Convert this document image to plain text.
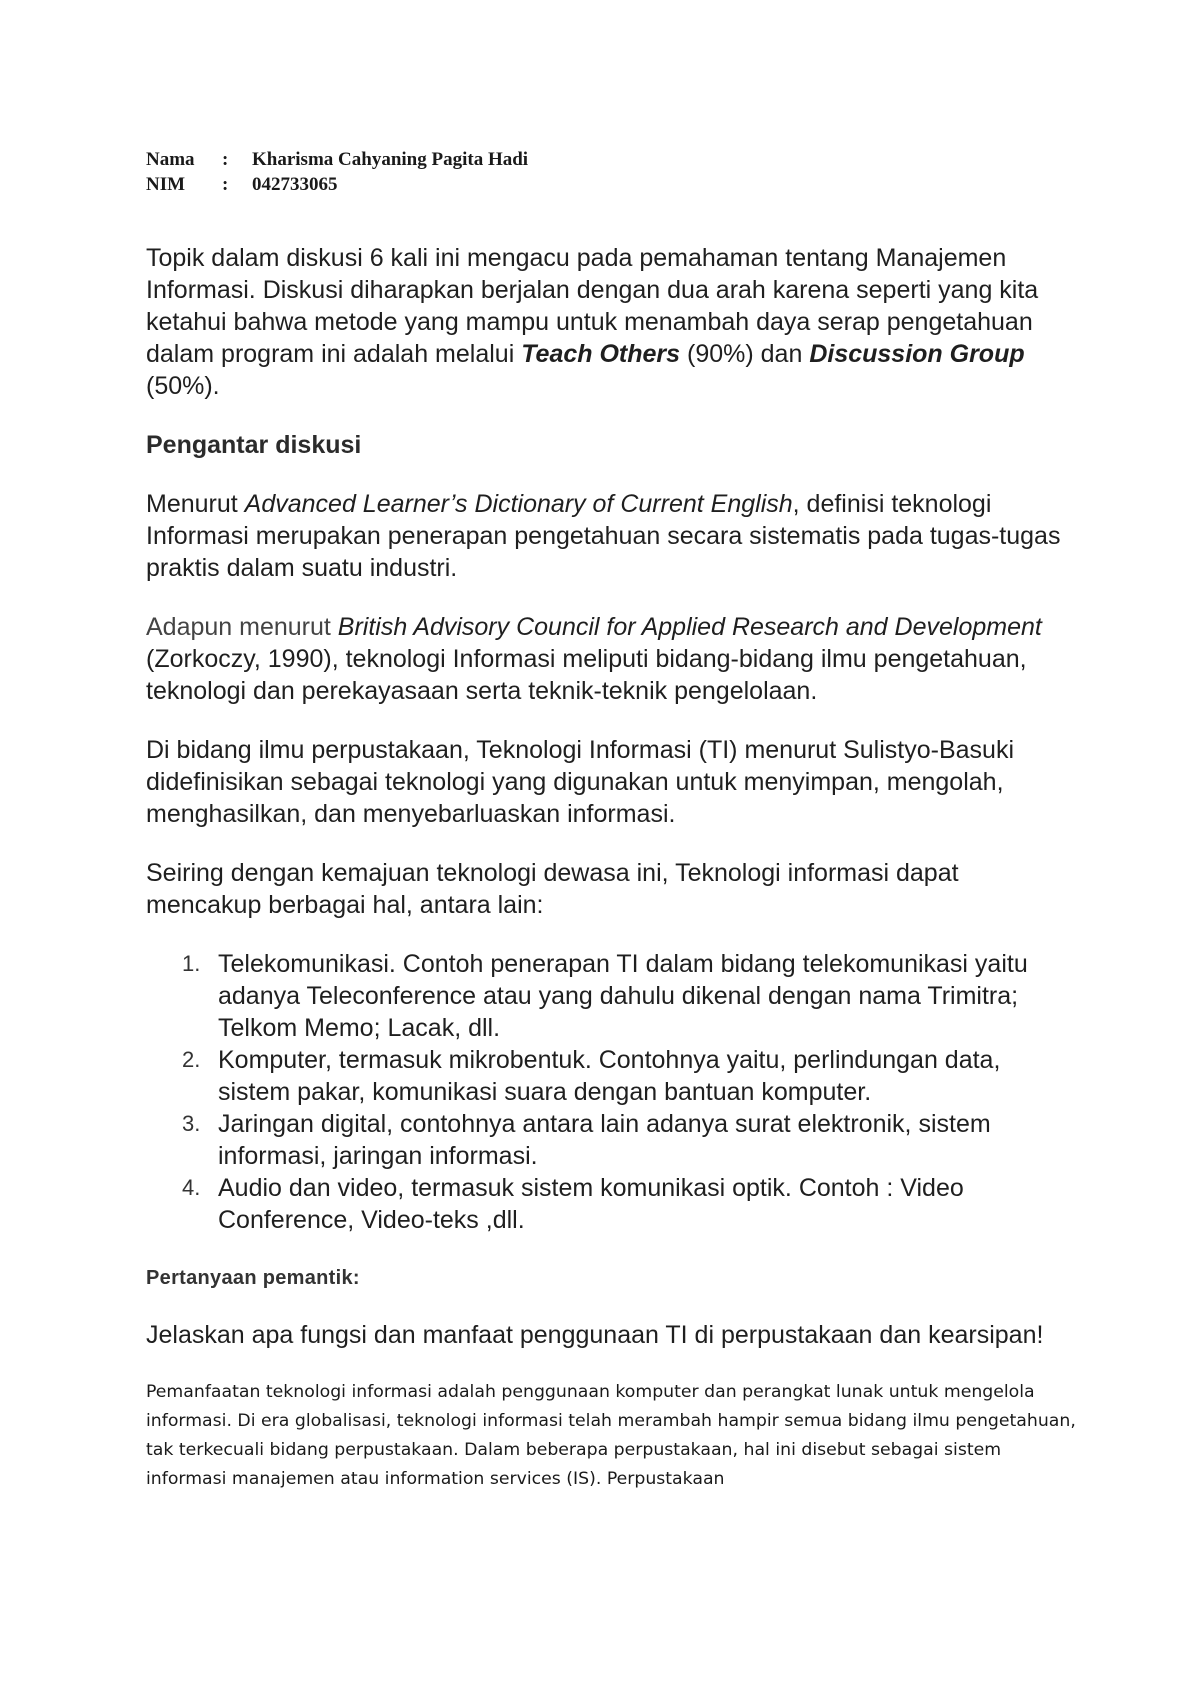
Nama	:	Kharisma Cahyaning Pagita Hadi
NIM	:	042733065

Topik dalam diskusi 6 kali ini mengacu pada pemahaman tentang Manajemen Informasi. Diskusi diharapkan berjalan dengan dua arah karena seperti yang kita ketahui bahwa metode yang mampu untuk menambah daya serap pengetahuan dalam program ini adalah melalui Teach Others (90%) dan Discussion Group (50%).

Pengantar diskusi

Menurut Advanced Learner’s Dictionary of Current English, definisi teknologi Informasi merupakan penerapan pengetahuan secara sistematis pada tugas-tugas praktis dalam suatu industri.

Adapun menurut British Advisory Council for Applied Research and Development (Zorkoczy, 1990), teknologi Informasi meliputi bidang-bidang ilmu pengetahuan, teknologi dan perekayasaan serta teknik-teknik pengelolaan.

Di bidang ilmu perpustakaan, Teknologi Informasi (TI) menurut Sulistyo-Basuki didefinisikan sebagai teknologi yang digunakan untuk menyimpan, mengolah, menghasilkan, dan menyebarluaskan informasi.

Seiring dengan kemajuan teknologi dewasa ini, Teknologi informasi dapat mencakup berbagai hal, antara lain:

1. Telekomunikasi. Contoh penerapan TI dalam bidang telekomunikasi yaitu adanya Teleconference atau yang dahulu dikenal dengan nama Trimitra; Telkom Memo; Lacak, dll.
2. Komputer, termasuk mikrobentuk. Contohnya yaitu, perlindungan data, sistem pakar, komunikasi suara dengan bantuan komputer.
3. Jaringan digital, contohnya antara lain adanya surat elektronik, sistem informasi, jaringan informasi.
4. Audio dan video, termasuk sistem komunikasi optik. Contoh : Video Conference, Video-teks ,dll.

Pertanyaan pemantik:

Jelaskan apa fungsi dan manfaat penggunaan TI di perpustakaan dan kearsipan!

Pemanfaatan teknologi informasi adalah penggunaan komputer dan perangkat lunak untuk mengelola informasi. Di era globalisasi, teknologi informasi telah merambah hampir semua bidang ilmu pengetahuan, tak terkecuali bidang perpustakaan. Dalam beberapa perpustakaan, hal ini disebut sebagai sistem informasi manajemen atau information services (IS). Perpustakaan
